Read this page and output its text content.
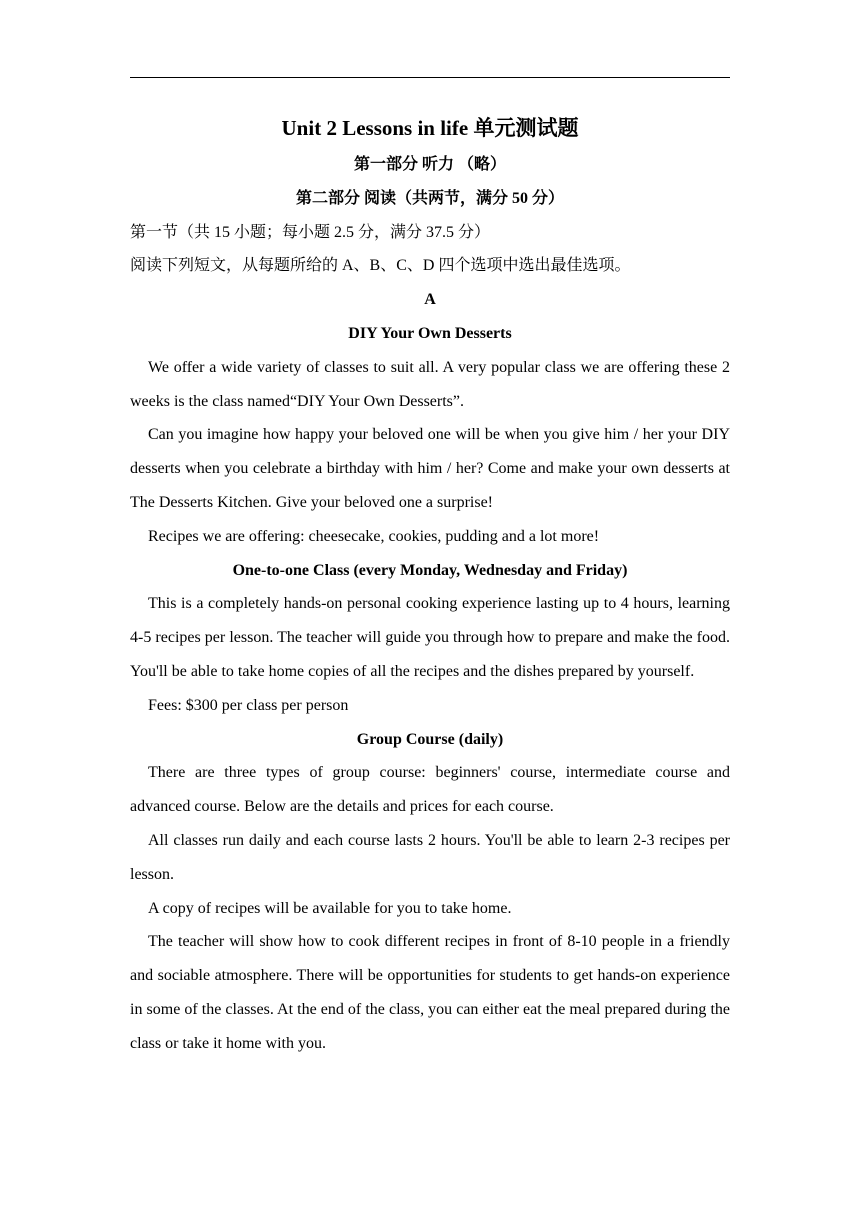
Unit 2 Lessons in life 单元测试题

第一部分 听力 （略）

第二部分 阅读（共两节，满分 50 分）

第一节（共 15 小题；每小题 2.5 分，满分 37.5 分）

阅读下列短文，从每题所给的 A、B、C、D 四个选项中选出最佳选项。

A

DIY Your Own Desserts

We offer a wide variety of classes to suit all. A very popular class we are offering these 2 weeks is the class named“DIY Your Own Desserts”.

Can you imagine how happy your beloved one will be when you give him / her your DIY desserts when you celebrate a birthday with him / her? Come and make your own desserts at The Desserts Kitchen. Give your beloved one a surprise!

Recipes we are offering: cheesecake, cookies, pudding and a lot more!

One-to-one Class (every Monday, Wednesday and Friday)

This is a completely hands-on personal cooking experience lasting up to 4 hours, learning 4-5 recipes per lesson. The teacher will guide you through how to prepare and make the food. You'll be able to take home copies of all the recipes and the dishes prepared by yourself.

Fees: $300 per class per person

Group Course (daily)

There are three types of group course: beginners' course, intermediate course and advanced course. Below are the details and prices for each course.

All classes run daily and each course lasts 2 hours. You'll be able to learn 2-3 recipes per lesson.

A copy of recipes will be available for you to take home.

The teacher will show how to cook different recipes in front of 8-10 people in a friendly and sociable atmosphere. There will be opportunities for students to get hands-on experience in some of the classes. At the end of the class, you can either eat the meal prepared during the class or take it home with you.
